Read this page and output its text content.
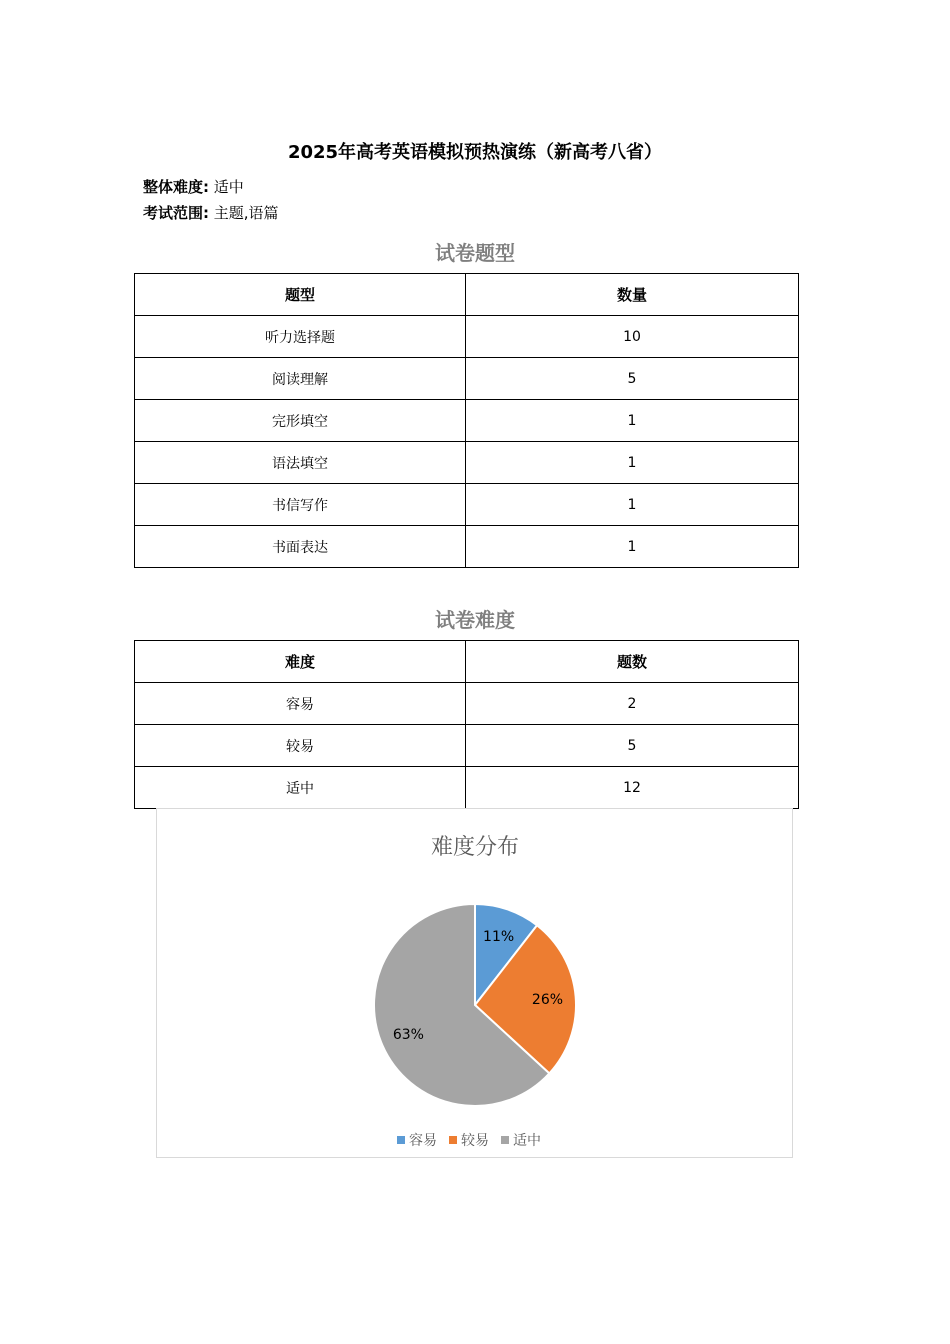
2025年高考英语模拟预热演练（新高考八省）
整体难度: 适中
考试范围: 主题,语篇
试卷题型
题型	数量
听力选择题	10
阅读理解	5
完形填空	1
语法填空	1
书信写作	1
书面表达	1
试卷难度
难度	题数
容易	2
较易	5
适中	12
难度分布
11%
26%
63%
容易 较易 适中
